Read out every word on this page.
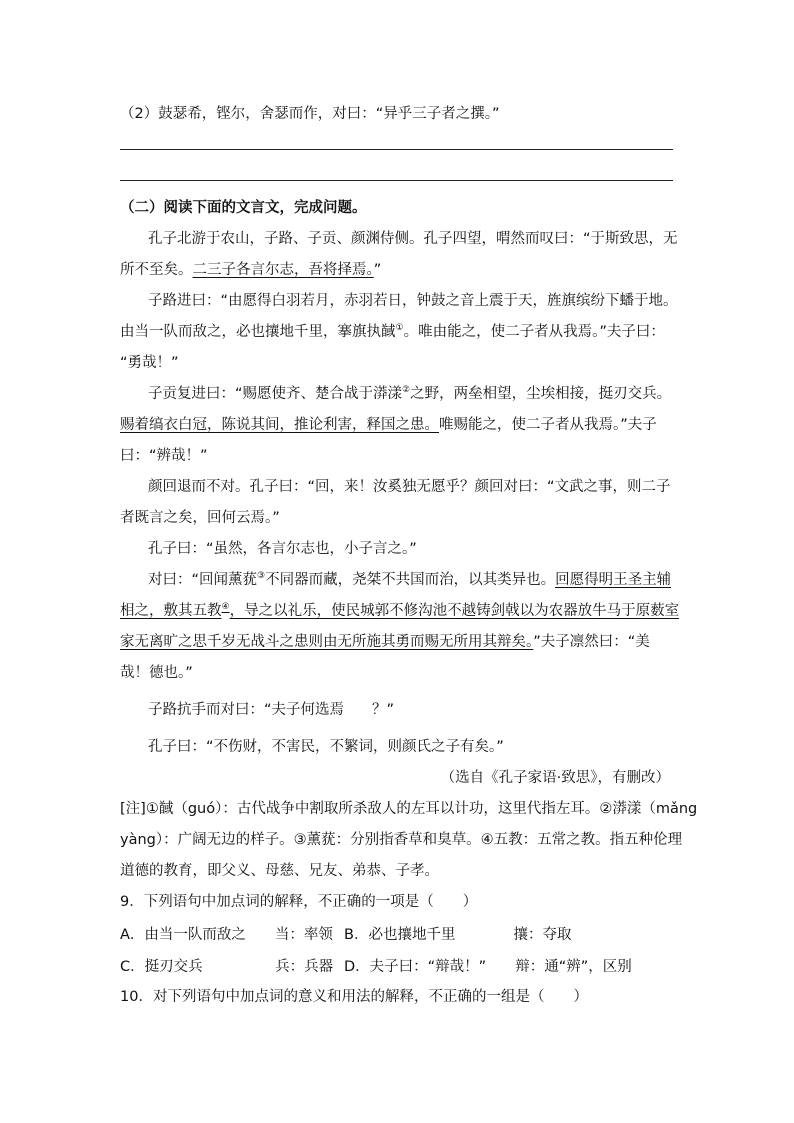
（2）鼓瑟希，铿尔，舍瑟而作，对曰：“异乎三子者之撰。”
（二）阅读下面的文言文，完成问题。
孔子北游于农山，子路、子贡、颜渊侍侧。孔子四望，喟然而叹曰：“于斯致思，无
所不至矣。二三子各言尔志，吾将择焉。”
子路进曰：“由愿得白羽若月，赤羽若日，钟鼓之音上震于天，旌旗缤纷下蟠于地。
由当一队而敌之，必也攘地千里，搴旗执馘①。唯由能之，使二子者从我焉。”夫子曰：
“勇哉！”
子贡复进曰：“赐愿使齐、楚合战于漭漾②之野，两垒相望，尘埃相接，挺刃交兵。
赐着缟衣白冠，陈说其间，推论利害，释国之患。唯赐能之，使二子者从我焉。”夫子
曰：“辨哉！”
颜回退而不对。孔子曰：“回，来！汝奚独无愿乎？颜回对曰：“文武之事，则二子
者既言之矣，回何云焉。”
孔子曰：“虽然，各言尔志也，小子言之。”
对曰：“回闻薰莸③不同器而藏，尧桀不共国而治，以其类异也。回愿得明王圣主辅
相之，敷其五教④，导之以礼乐，使民城郭不修沟池不越铸剑戟以为农器放牛马于原薮室
家无离旷之思千岁无战斗之患则由无所施其勇而赐无所用其辩矣。”夫子凛然曰：“美
哉！德也。”
子路抗手而对曰：“夫子何选焉 ？”
孔子曰：“不伤财，不害民，不繁词，则颜氏之子有矣。”
（选自《孔子家语·致思》，有删改）
[注]①馘（guó）：古代战争中割取所杀敌人的左耳以计功，这里代指左耳。②漭漾（mǎng
yàng）：广阔无边的样子。③薰莸：分别指香草和臭草。④五教：五常之教。指五种伦理
道德的教育，即父义、母慈、兄友、弟恭、子孝。
9．下列语句中加点词的解释，不正确的一项是（　　）
A．由当一队而敌之　　当：率领 B．必也攘地千里　　　　攘：夺取
C．挺刃交兵　　　　　兵：兵器 D．夫子曰：“辩哉！”　　辩：通“辨”，区别
10．对下列语句中加点词的意义和用法的解释，不正确的一组是（　　）
